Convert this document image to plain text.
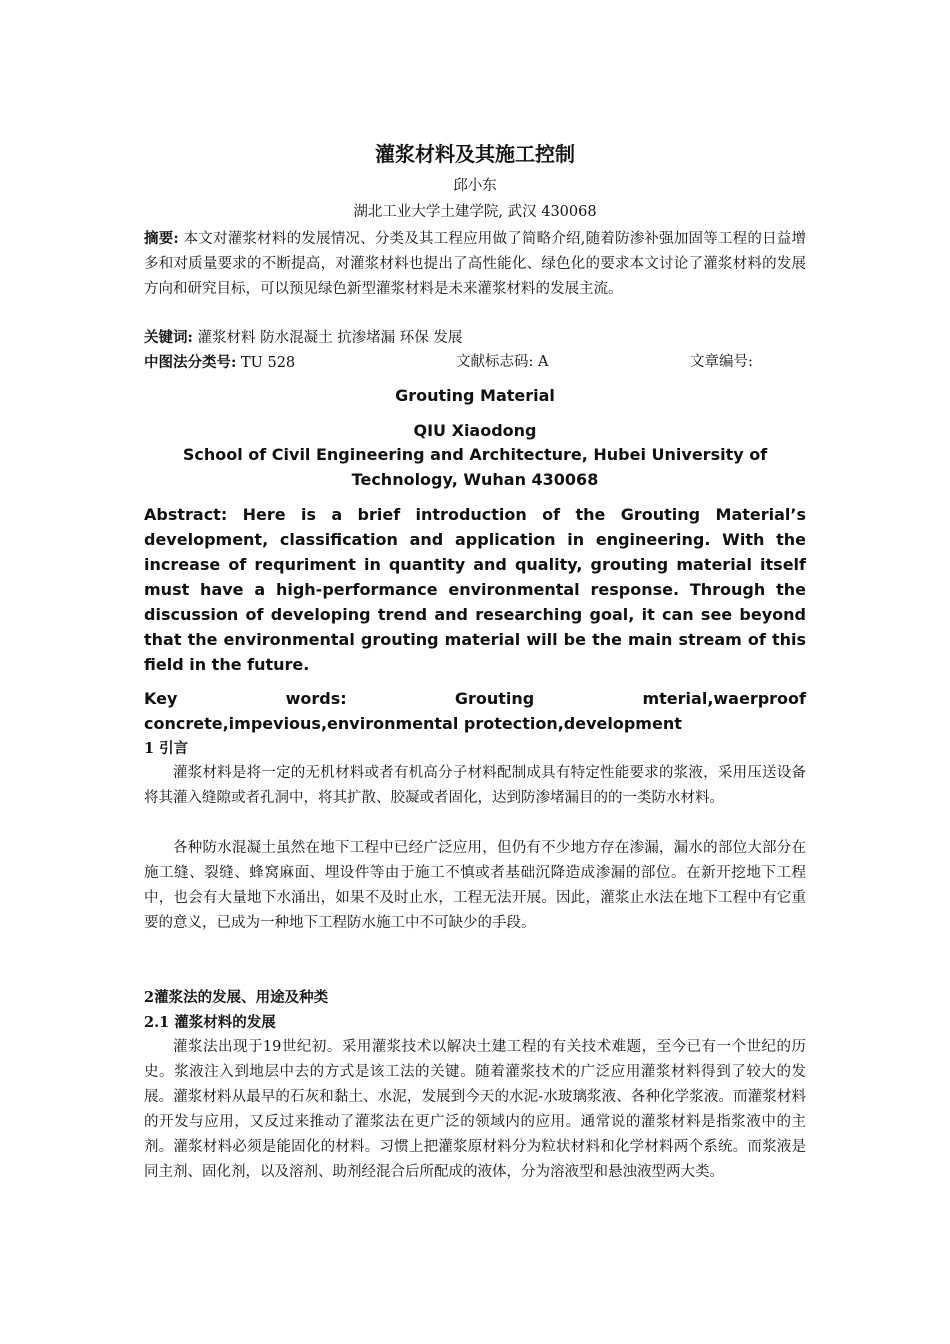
灌浆材料及其施工控制
邱小东
湖北工业大学土建学院, 武汉 430068
摘要: 本文对灌浆材料的发展情况、分类及其工程应用做了简略介绍,随着防渗补强加固等工程的日益增多和对质量要求的不断提高，对灌浆材料也提出了高性能化、绿色化的要求本文讨论了灌浆材料的发展方向和研究目标，可以预见绿色新型灌浆材料是未来灌浆材料的发展主流。
关键词: 灌浆材料 防水混凝土 抗渗堵漏 环保 发展
中图法分类号: TU 528	文献标志码: A	文章编号:
Grouting Material
QIU Xiaodong
School of Civil Engineering and Architecture, Hubei University of Technology, Wuhan 430068
Abstract: Here is a brief introduction of the Grouting Material’s development, classification and application in engineering. With the increase of requriment in quantity and quality, grouting material itself must have a high-performance environmental response. Through the discussion of developing trend and researching goal, it can see beyond that the environmental grouting material will be the main stream of this field in the future.
Key words: Grouting mterial,waerproof concrete,impevious,environmental protection,development
1 引言
灌浆材料是将一定的无机材料或者有机高分子材料配制成具有特定性能要求的浆液，采用压送设备将其灌入缝隙或者孔洞中，将其扩散、胶凝或者固化，达到防渗堵漏目的的一类防水材料。
各种防水混凝土虽然在地下工程中已经广泛应用，但仍有不少地方存在渗漏，漏水的部位大部分在施工缝、裂缝、蜂窝麻面、埋设件等由于施工不慎或者基础沉降造成渗漏的部位。在新开挖地下工程中，也会有大量地下水涌出，如果不及时止水，工程无法开展。因此，灌浆止水法在地下工程中有它重要的意义，已成为一种地下工程防水施工中不可缺少的手段。
2灌浆法的发展、用途及种类
2.1 灌浆材料的发展
灌浆法出现于19世纪初。采用灌浆技术以解决土建工程的有关技术难题，至今已有一个世纪的历史。浆液注入到地层中去的方式是该工法的关键。随着灌浆技术的广泛应用灌浆材料得到了较大的发展。灌浆材料从最早的石灰和黏土、水泥，发展到今天的水泥-水玻璃浆液、各种化学浆液。而灌浆材料的开发与应用，又反过来推动了灌浆法在更广泛的领域内的应用。通常说的灌浆材料是指浆液中的主剂。灌浆材料必须是能固化的材料。习惯上把灌浆原材料分为粒状材料和化学材料两个系统。而浆液是同主剂、固化剂，以及溶剂、助剂经混合后所配成的液体，分为溶液型和悬浊液型两大类。
